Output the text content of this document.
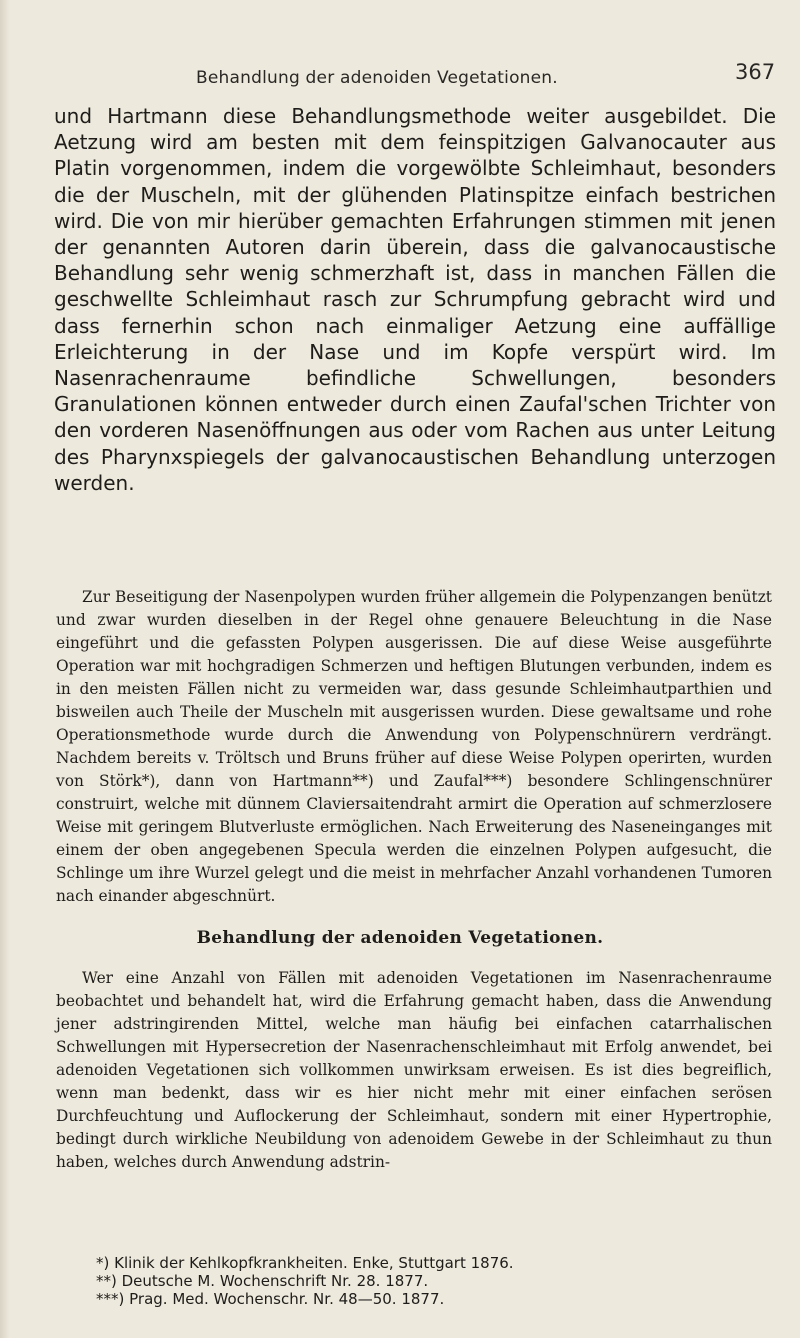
Behandlung der adenoiden Vegetationen.	367

und Hartmann diese Behandlungsmethode weiter ausgebildet. Die Aetzung wird am besten mit dem feinspitzigen Galvanocauter aus Platin vorgenommen, indem die vorgewölbte Schleimhaut, besonders die der Muscheln, mit der glühenden Platinspitze einfach bestrichen wird. Die von mir hierüber gemachten Erfahrungen stimmen mit jenen der genannten Autoren darin überein, dass die galvanocaustische Behandlung sehr wenig schmerzhaft ist, dass in manchen Fällen die geschwellte Schleimhaut rasch zur Schrumpfung gebracht wird und dass fernerhin schon nach einmaliger Aetzung eine auffällige Erleichterung in der Nase und im Kopfe verspürt wird. Im Nasenrachenraume befindliche Schwellungen, besonders Granulationen können entweder durch einen Zaufal'schen Trichter von den vorderen Nasenöffnungen aus oder vom Rachen aus unter Leitung des Pharynxspiegels der galvanocaustischen Behandlung unterzogen werden.

Zur Beseitigung der Nasenpolypen wurden früher allgemein die Polypenzangen benützt und zwar wurden dieselben in der Regel ohne genauere Beleuchtung in die Nase eingeführt und die gefassten Polypen ausgerissen. Die auf diese Weise ausgeführte Operation war mit hochgradigen Schmerzen und heftigen Blutungen verbunden, indem es in den meisten Fällen nicht zu vermeiden war, dass gesunde Schleimhautparthien und bisweilen auch Theile der Muscheln mit ausgerissen wurden. Diese gewaltsame und rohe Operationsmethode wurde durch die Anwendung von Polypenschnürern verdrängt. Nachdem bereits v. Tröltsch und Bruns früher auf diese Weise Polypen operirten, wurden von Störk*), dann von Hartmann**) und Zaufal***) besondere Schlingenschnürer construirt, welche mit dünnem Claviersaitendraht armirt die Operation auf schmerzlosere Weise mit geringem Blutverluste ermöglichen. Nach Erweiterung des Naseneinganges mit einem der oben angegebenen Specula werden die einzelnen Polypen aufgesucht, die Schlinge um ihre Wurzel gelegt und die meist in mehrfacher Anzahl vorhandenen Tumoren nach einander abgeschnürt.

Behandlung der adenoiden Vegetationen.

Wer eine Anzahl von Fällen mit adenoiden Vegetationen im Nasenrachenraume beobachtet und behandelt hat, wird die Erfahrung gemacht haben, dass die Anwendung jener adstringirenden Mittel, welche man häufig bei einfachen catarrhalischen Schwellungen mit Hypersecretion der Nasenrachenschleimhaut mit Erfolg anwendet, bei adenoiden Vegetationen sich vollkommen unwirksam erweisen. Es ist dies begreiflich, wenn man bedenkt, dass wir es hier nicht mehr mit einer einfachen serösen Durchfeuchtung und Auflockerung der Schleimhaut, sondern mit einer Hypertrophie, bedingt durch wirkliche Neubildung von adenoidem Gewebe in der Schleimhaut zu thun haben, welches durch Anwendung adstrin-

*) Klinik der Kehlkopfkrankheiten. Enke, Stuttgart 1876.

**) Deutsche M. Wochenschrift Nr. 28. 1877.

***) Prag. Med. Wochenschr. Nr. 48—50. 1877.
